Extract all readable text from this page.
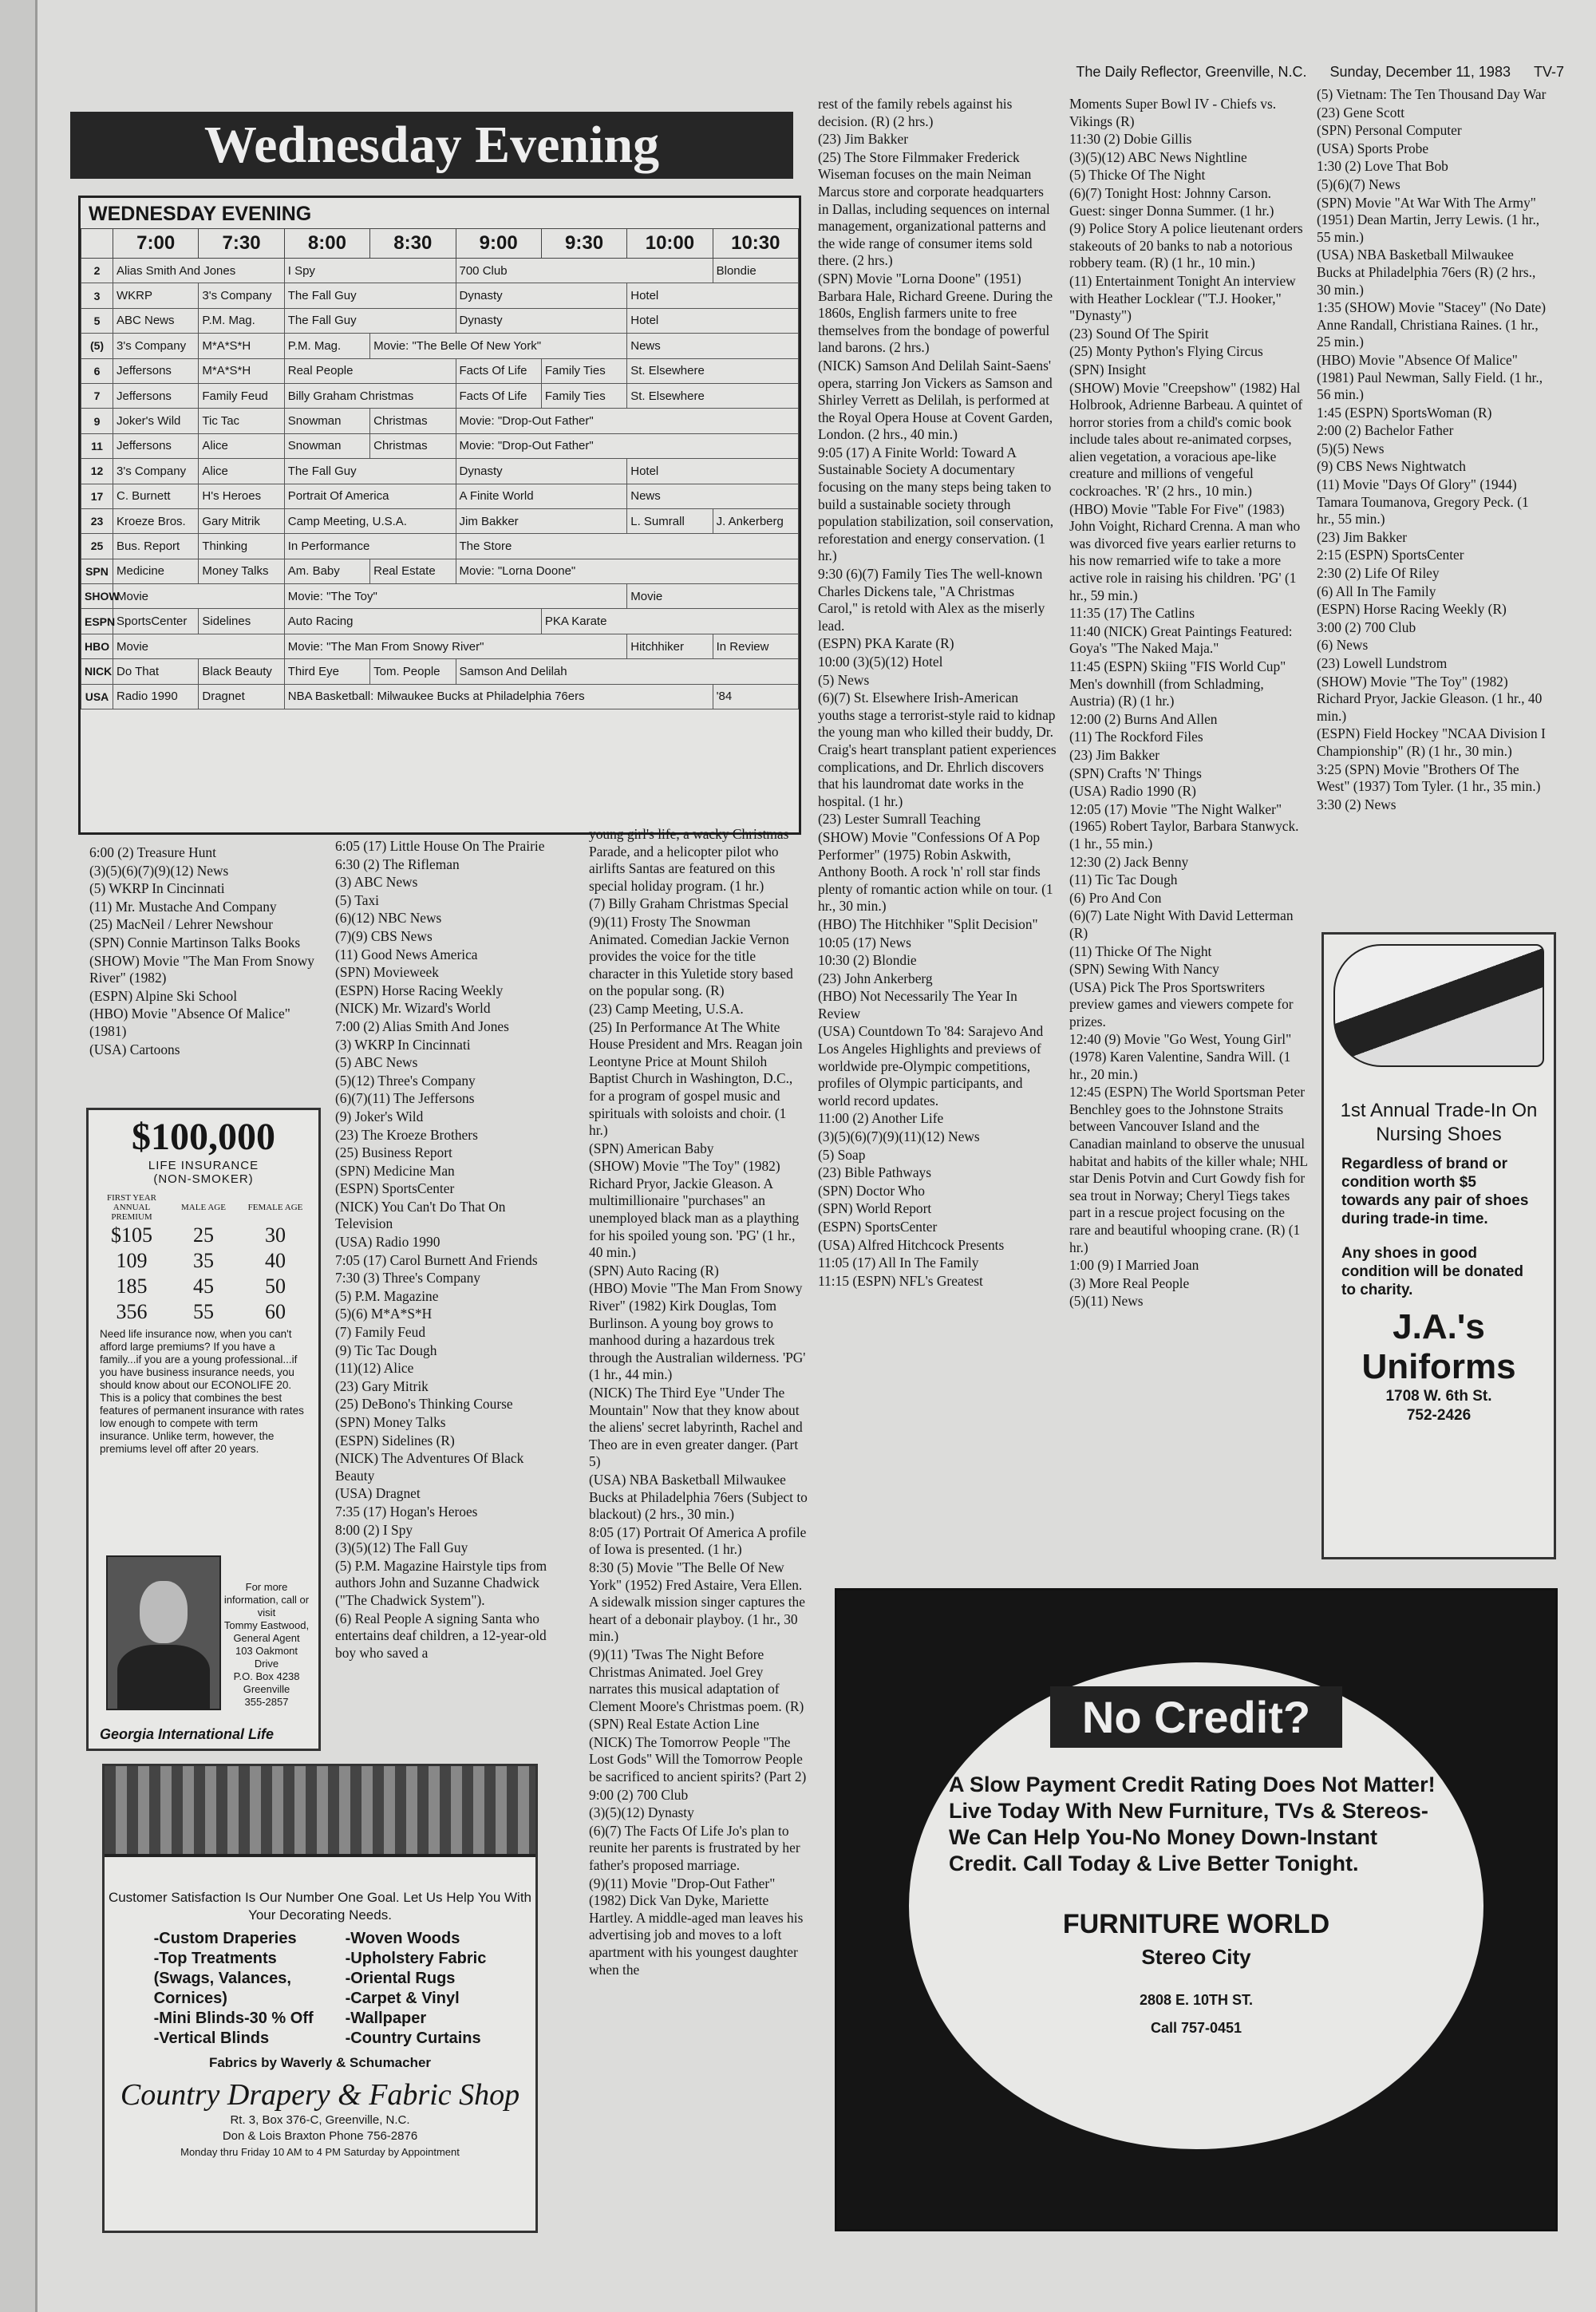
The Daily Reflector, Greenville, N.C. Sunday, December 11, 1983 TV-7
Wednesday Evening
WEDNESDAY EVENING
	7:00	7:30	8:00	8:30	9:00	9:30	10:00	10:30
2	Alias Smith And Jones		I Spy		700 Club			Blondie
3	WKRP	3's Company	The Fall Guy		Dynasty		Hotel	
5	ABC News	P.M. Mag.	The Fall Guy		Dynasty		Hotel	
(5)	3's Company	M*A*S*H	P.M. Mag.	Movie: "The Belle Of New York"			News	
6	Jeffersons	M*A*S*H	Real People		Facts Of Life	Family Ties	St. Elsewhere	
7	Jeffersons	Family Feud	Billy Graham Christmas		Facts Of Life	Family Ties	St. Elsewhere	
9	Joker's Wild	Tic Tac	Snowman	Christmas	Movie: "Drop-Out Father"			
11	Jeffersons	Alice	Snowman	Christmas	Movie: "Drop-Out Father"			
12	3's Company	Alice	The Fall Guy		Dynasty		Hotel	
17	C. Burnett	H's Heroes	Portrait Of America		A Finite World		News	
23	Kroeze Bros.	Gary Mitrik	Camp Meeting, U.S.A.		Jim Bakker		L. Sumrall	J. Ankerberg
25	Bus. Report	Thinking	In Performance		The Store			
SPN	Medicine	Money Talks	Am. Baby	Real Estate	Movie: "Lorna Doone"			
SHOW	Movie		Movie: "The Toy"				Movie	
ESPN	SportsCenter	Sidelines	Auto Racing			PKA Karate		
HBO	Movie		Movie: "The Man From Snowy River"				Hitchhiker	In Review
NICK	Do That	Black Beauty	Third Eye	Tom. People	Samson And Delilah			
USA	Radio 1990	Dragnet	NBA Basketball: Milwaukee Bucks at Philadelphia 76ers					'84

6:00 (2) Treasure Hunt

(3)(5)(6)(7)(9)(12) News

(5) WKRP In Cincinnati

(11) Mr. Mustache And Company

(25) MacNeil / Lehrer Newshour

(SPN) Connie Martinson Talks Books

(SHOW) Movie "The Man From Snowy River" (1982)

(ESPN) Alpine Ski School

(HBO) Movie "Absence Of Malice" (1981)

(USA) Cartoons

6:05 (17) Little House On The Prairie

6:30 (2) The Rifleman

(3) ABC News

(5) Taxi

(6)(12) NBC News

(7)(9) CBS News

(11) Good News America

(SPN) Movieweek

(ESPN) Horse Racing Weekly

(NICK) Mr. Wizard's World

7:00 (2) Alias Smith And Jones

(3) WKRP In Cincinnati

(5) ABC News

(5)(12) Three's Company

(6)(7)(11) The Jeffersons

(9) Joker's Wild

(23) The Kroeze Brothers

(25) Business Report

(SPN) Medicine Man

(ESPN) SportsCenter

(NICK) You Can't Do That On Television

(USA) Radio 1990

7:05 (17) Carol Burnett And Friends

7:30 (3) Three's Company

(5) P.M. Magazine

(5)(6) M*A*S*H

(7) Family Feud

(9) Tic Tac Dough

(11)(12) Alice

(23) Gary Mitrik

(25) DeBono's Thinking Course

(SPN) Money Talks

(ESPN) Sidelines (R)

(NICK) The Adventures Of Black Beauty

(USA) Dragnet

7:35 (17) Hogan's Heroes

8:00 (2) I Spy

(3)(5)(12) The Fall Guy

(5) P.M. Magazine Hairstyle tips from authors John and Suzanne Chadwick ("The Chadwick System").

(6) Real People A signing Santa who entertains deaf children, a 12-year-old boy who saved a

young girl's life, a wacky Christmas Parade, and a helicopter pilot who airlifts Santas are featured on this special holiday program. (1 hr.)

(7) Billy Graham Christmas Special

(9)(11) Frosty The Snowman Animated. Comedian Jackie Vernon provides the voice for the title character in this Yuletide story based on the popular song. (R)

(23) Camp Meeting, U.S.A.

(25) In Performance At The White House President and Mrs. Reagan join Leontyne Price at Mount Shiloh Baptist Church in Washington, D.C., for a program of gospel music and spirituals with soloists and choir. (1 hr.)

(SPN) American Baby

(SHOW) Movie "The Toy" (1982) Richard Pryor, Jackie Gleason. A multimillionaire "purchases" an unemployed black man as a plaything for his spoiled young son. 'PG' (1 hr., 40 min.)

(SPN) Auto Racing (R)

(HBO) Movie "The Man From Snowy River" (1982) Kirk Douglas, Tom Burlinson. A young boy grows to manhood during a hazardous trek through the Australian wilderness. 'PG' (1 hr., 44 min.)

(NICK) The Third Eye "Under The Mountain" Now that they know about the aliens' secret labyrinth, Rachel and Theo are in even greater danger. (Part 5)

(USA) NBA Basketball Milwaukee Bucks at Philadelphia 76ers (Subject to blackout) (2 hrs., 30 min.)

8:05 (17) Portrait Of America A profile of Iowa is presented. (1 hr.)

8:30 (5) Movie "The Belle Of New York" (1952) Fred Astaire, Vera Ellen. A sidewalk mission singer captures the heart of a debonair playboy. (1 hr., 30 min.)

(9)(11) 'Twas The Night Before Christmas Animated. Joel Grey narrates this musical adaptation of Clement Moore's Christmas poem. (R)

(SPN) Real Estate Action Line

(NICK) The Tomorrow People "The Lost Gods" Will the Tomorrow People be sacrificed to ancient spirits? (Part 2)

9:00 (2) 700 Club

(3)(5)(12) Dynasty

(6)(7) The Facts Of Life Jo's plan to reunite her parents is frustrated by her father's proposed marriage.

(9)(11) Movie "Drop-Out Father" (1982) Dick Van Dyke, Mariette Hartley. A middle-aged man leaves his advertising job and moves to a loft apartment with his youngest daughter when the

rest of the family rebels against his decision. (R) (2 hrs.)

(23) Jim Bakker

(25) The Store Filmmaker Frederick Wiseman focuses on the main Neiman Marcus store and corporate headquarters in Dallas, including sequences on internal management, organizational patterns and the wide range of consumer items sold there. (2 hrs.)

(SPN) Movie "Lorna Doone" (1951) Barbara Hale, Richard Greene. During the 1860s, English farmers unite to free themselves from the bondage of powerful land barons. (2 hrs.)

(NICK) Samson And Delilah Saint-Saens' opera, starring Jon Vickers as Samson and Shirley Verrett as Delilah, is performed at the Royal Opera House at Covent Garden, London. (2 hrs., 40 min.)

9:05 (17) A Finite World: Toward A Sustainable Society A documentary focusing on the many steps being taken to build a sustainable society through population stabilization, soil conservation, reforestation and energy conservation. (1 hr.)

9:30 (6)(7) Family Ties The well-known Charles Dickens tale, "A Christmas Carol," is retold with Alex as the miserly lead.

(ESPN) PKA Karate (R)

10:00 (3)(5)(12) Hotel

(5) News

(6)(7) St. Elsewhere Irish-American youths stage a terrorist-style raid to kidnap the young man who killed their buddy, Dr. Craig's heart transplant patient experiences complications, and Dr. Ehrlich discovers that his laundromat date works in the hospital. (1 hr.)

(23) Lester Sumrall Teaching

(SHOW) Movie "Confessions Of A Pop Performer" (1975) Robin Askwith, Anthony Booth. A rock 'n' roll star finds plenty of romantic action while on tour. (1 hr., 30 min.)

(HBO) The Hitchhiker "Split Decision"

10:05 (17) News

10:30 (2) Blondie

(23) John Ankerberg

(HBO) Not Necessarily The Year In Review

(USA) Countdown To '84: Sarajevo And Los Angeles Highlights and previews of worldwide pre-Olympic competitions, profiles of Olympic participants, and world record updates.

11:00 (2) Another Life

(3)(5)(6)(7)(9)(11)(12) News

(5) Soap

(23) Bible Pathways

(SPN) Doctor Who

(SPN) World Report

(ESPN) SportsCenter

(USA) Alfred Hitchcock Presents

11:05 (17) All In The Family

11:15 (ESPN) NFL's Greatest

Moments Super Bowl IV - Chiefs vs. Vikings (R)

11:30 (2) Dobie Gillis

(3)(5)(12) ABC News Nightline

(5) Thicke Of The Night

(6)(7) Tonight Host: Johnny Carson. Guest: singer Donna Summer. (1 hr.)

(9) Police Story A police lieutenant orders stakeouts of 20 banks to nab a notorious robbery team. (R) (1 hr., 10 min.)

(11) Entertainment Tonight An interview with Heather Locklear ("T.J. Hooker," "Dynasty")

(23) Sound Of The Spirit

(25) Monty Python's Flying Circus

(SPN) Insight

(SHOW) Movie "Creepshow" (1982) Hal Holbrook, Adrienne Barbeau. A quintet of horror stories from a child's comic book include tales about re-animated corpses, alien vegetation, a voracious ape-like creature and millions of vengeful cockroaches. 'R' (2 hrs., 10 min.)

(HBO) Movie "Table For Five" (1983) John Voight, Richard Crenna. A man who was divorced five years earlier returns to his now remarried wife to take a more active role in raising his children. 'PG' (1 hr., 59 min.)

11:35 (17) The Catlins

11:40 (NICK) Great Paintings Featured: Goya's "The Naked Maja."

11:45 (ESPN) Skiing "FIS World Cup" Men's downhill (from Schladming, Austria) (R) (1 hr.)

12:00 (2) Burns And Allen

(11) The Rockford Files

(23) Jim Bakker

(SPN) Crafts 'N' Things

(USA) Radio 1990 (R)

12:05 (17) Movie "The Night Walker" (1965) Robert Taylor, Barbara Stanwyck. (1 hr., 55 min.)

12:30 (2) Jack Benny

(11) Tic Tac Dough

(6) Pro And Con

(6)(7) Late Night With David Letterman (R)

(11) Thicke Of The Night

(SPN) Sewing With Nancy

(USA) Pick The Pros Sportswriters preview games and viewers compete for prizes.

12:40 (9) Movie "Go West, Young Girl" (1978) Karen Valentine, Sandra Will. (1 hr., 20 min.)

12:45 (ESPN) The World Sportsman Peter Benchley goes to the Johnstone Straits between Vancouver Island and the Canadian mainland to observe the unusual habitat and habits of the killer whale; NHL star Denis Potvin and Curt Gowdy fish for sea trout in Norway; Cheryl Tiegs takes part in a rescue project focusing on the rare and beautiful whooping crane. (R) (1 hr.)

1:00 (9) I Married Joan

(3) More Real People

(5)(11) News

(5) Vietnam: The Ten Thousand Day War

(23) Gene Scott

(SPN) Personal Computer

(USA) Sports Probe

1:30 (2) Love That Bob

(5)(6)(7) News

(SPN) Movie "At War With The Army" (1951) Dean Martin, Jerry Lewis. (1 hr., 55 min.)

(USA) NBA Basketball Milwaukee Bucks at Philadelphia 76ers (R) (2 hrs., 30 min.)

1:35 (SHOW) Movie "Stacey" (No Date) Anne Randall, Christiana Raines. (1 hr., 25 min.)

(HBO) Movie "Absence Of Malice" (1981) Paul Newman, Sally Field. (1 hr., 56 min.)

1:45 (ESPN) SportsWoman (R)

2:00 (2) Bachelor Father

(5)(5) News

(9) CBS News Nightwatch

(11) Movie "Days Of Glory" (1944) Tamara Toumanova, Gregory Peck. (1 hr., 55 min.)

(23) Jim Bakker

2:15 (ESPN) SportsCenter

2:30 (2) Life Of Riley

(6) All In The Family

(ESPN) Horse Racing Weekly (R)

3:00 (2) 700 Club

(6) News

(23) Lowell Lundstrom

(SHOW) Movie "The Toy" (1982) Richard Pryor, Jackie Gleason. (1 hr., 40 min.)

(ESPN) Field Hockey "NCAA Division I Championship" (R) (1 hr., 30 min.)

3:25 (SPN) Movie "Brothers Of The West" (1937) Tom Tyler. (1 hr., 35 min.)

3:30 (2) News

$100,000
LIFE INSURANCE
(NON-SMOKER)
FIRST YEAR ANNUAL PREMIUM	MALE AGE	FEMALE AGE
$105	25	30
109	35	40
185	45	50
356	55	60
Need life insurance now, when you can't afford large premiums? If you have a family...if you are a young professional...if you have business insurance needs, you should know about our ECONOLIFE 20. This is a policy that combines the best features of permanent insurance with rates low enough to compete with term insurance. Unlike term, however, the premiums level off after 20 years.
For more information, call or visit
Tommy Eastwood,
General Agent
103 Oakmont Drive
P.O. Box 4238
Greenville
355-2857
Georgia International Life
Customer Satisfaction Is Our Number One Goal. Let Us Help You With Your Decorating Needs.
-Custom Draperies
-Top Treatments
(Swags, Valances,
Cornices)
-Mini Blinds-30 % Off
-Vertical Blinds
-Woven Woods
-Upholstery Fabric
-Oriental Rugs
-Carpet & Vinyl
-Wallpaper
-Country Curtains
Fabrics by Waverly & Schumacher
Country Drapery & Fabric Shop
Rt. 3, Box 376-C, Greenville, N.C.
Don & Lois Braxton Phone 756-2876
Monday thru Friday 10 AM to 4 PM Saturday by Appointment
1st Annual Trade-In On Nursing Shoes
Regardless of brand or condition worth $5 towards any pair of shoes during trade-in time.
Any shoes in good condition will be donated to charity.
J.A.'s
Uniforms
1708 W. 6th St.
752-2426
No Credit?
A Slow Payment Credit Rating Does Not Matter! Live Today With New Furniture, TVs & Stereos-We Can Help You-No Money Down-Instant Credit. Call Today & Live Better Tonight.
FURNITURE WORLD
Stereo City
2808 E. 10TH ST.
Call 757-0451
